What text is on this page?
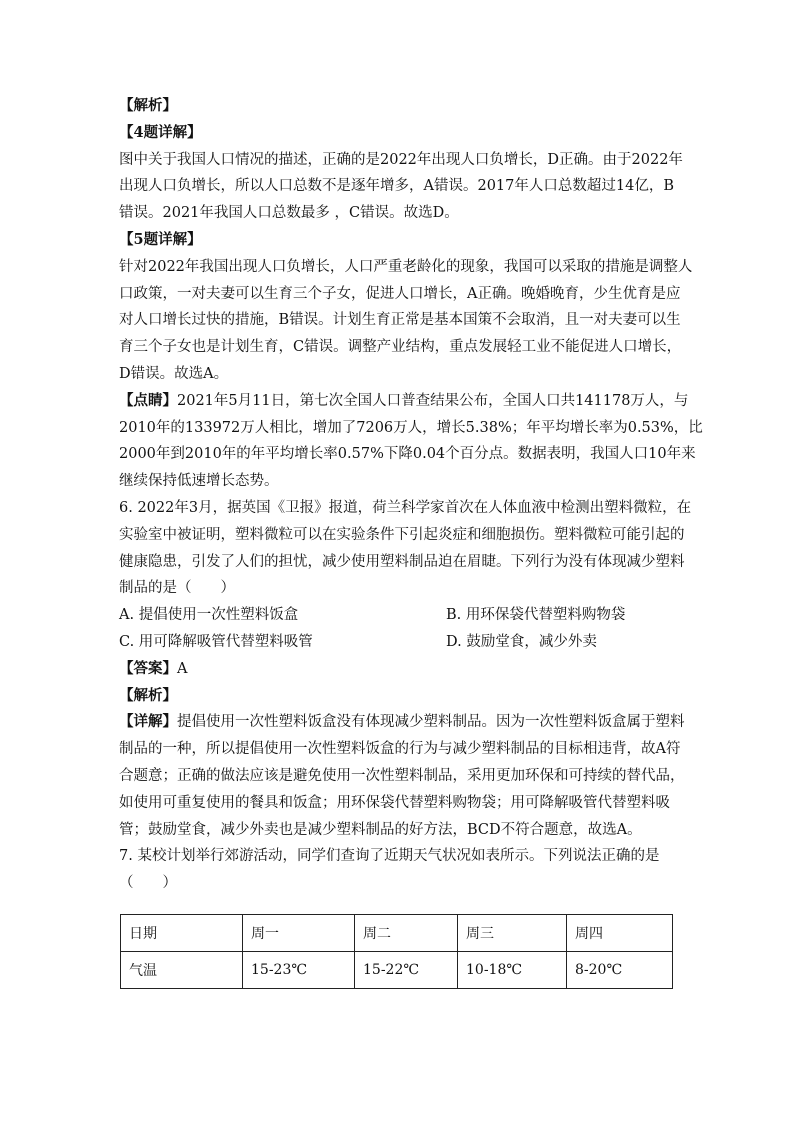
【解析】
【4题详解】
图中关于我国人口情况的描述，正确的是2022年出现人口负增长，D正确。由于2022年
出现人口负增长，所以人口总数不是逐年增多，A错误。2017年人口总数超过14亿，B
错误。2021年我国人口总数最多 ，C错误。故选D。
【5题详解】
针对2022年我国出现人口负增长，人口严重老龄化的现象，我国可以采取的措施是调整人
口政策，一对夫妻可以生育三个子女，促进人口增长，A正确。晚婚晚育，少生优育是应
对人口增长过快的措施，B错误。计划生育正常是基本国策不会取消，且一对夫妻可以生
育三个子女也是计划生育，C错误。调整产业结构，重点发展轻工业不能促进人口增长，
D错误。故选A。
【点睛】2021年5月11日，第七次全国人口普查结果公布，全国人口共141178万人，与
2010年的133972万人相比，增加了7206万人，增长5.38%；年平均增长率为0.53%，比
2000年到2010年的年平均增长率0.57%下降0.04个百分点。数据表明，我国人口10年来
继续保持低速增长态势。
6. 2022年3月，据英国《卫报》报道，荷兰科学家首次在人体血液中检测出塑料微粒，在
实验室中被证明，塑料微粒可以在实验条件下引起炎症和细胞损伤。塑料微粒可能引起的
健康隐患，引发了人们的担忧，减少使用塑料制品迫在眉睫。下列行为没有体现减少塑料
制品的是（　　）
A. 提倡使用一次性塑料饭盒	B. 用环保袋代替塑料购物袋
C. 用可降解吸管代替塑料吸管	D. 鼓励堂食，减少外卖
【答案】A
【解析】
【详解】提倡使用一次性塑料饭盒没有体现减少塑料制品。因为一次性塑料饭盒属于塑料
制品的一种，所以提倡使用一次性塑料饭盒的行为与减少塑料制品的目标相违背，故A符
合题意；正确的做法应该是避免使用一次性塑料制品，采用更加环保和可持续的替代品，
如使用可重复使用的餐具和饭盒；用环保袋代替塑料购物袋；用可降解吸管代替塑料吸
管；鼓励堂食，减少外卖也是减少塑料制品的好方法，BCD不符合题意，故选A。
7. 某校计划举行郊游活动，同学们查询了近期天气状况如表所示。下列说法正确的是
（　　）
日期	周一	周二	周三	周四
气温	15-23℃	15-22℃	10-18℃	8-20℃
